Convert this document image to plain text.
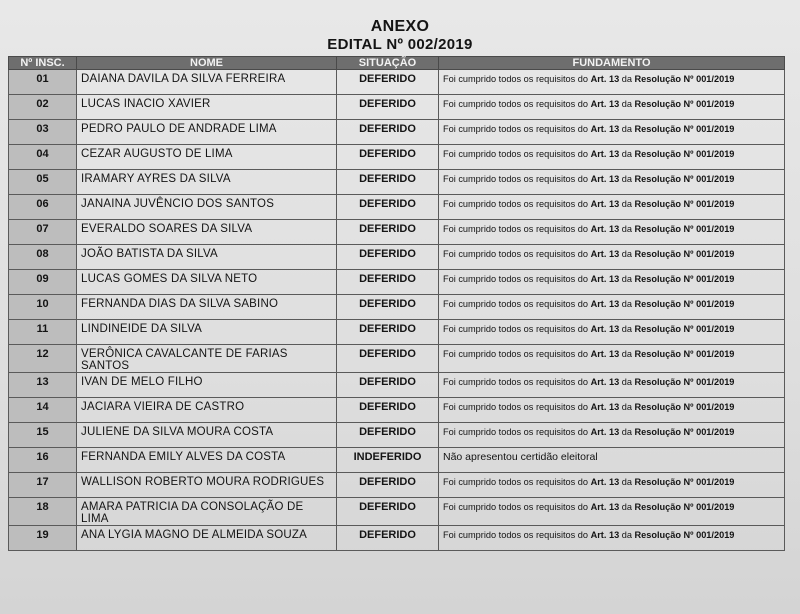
ANEXO
EDITAL Nº 002/2019
Nº INSC.	NOME	SITUAÇÃO	FUNDAMENTO
01	DAIANA DAVILA DA SILVA FERREIRA	DEFERIDO	Foi cumprido todos os requisitos do Art. 13 da Resolução Nº 001/2019
02	LUCAS INACIO XAVIER	DEFERIDO	Foi cumprido todos os requisitos do Art. 13 da Resolução Nº 001/2019
03	PEDRO PAULO DE ANDRADE LIMA	DEFERIDO	Foi cumprido todos os requisitos do Art. 13 da Resolução Nº 001/2019
04	CEZAR AUGUSTO DE LIMA	DEFERIDO	Foi cumprido todos os requisitos do Art. 13 da Resolução Nº 001/2019
05	IRAMARY AYRES DA SILVA	DEFERIDO	Foi cumprido todos os requisitos do Art. 13 da Resolução Nº 001/2019
06	JANAINA JUVÊNCIO DOS SANTOS	DEFERIDO	Foi cumprido todos os requisitos do Art. 13 da Resolução Nº 001/2019
07	EVERALDO SOARES DA SILVA	DEFERIDO	Foi cumprido todos os requisitos do Art. 13 da Resolução Nº 001/2019
08	JOÃO BATISTA DA SILVA	DEFERIDO	Foi cumprido todos os requisitos do Art. 13 da Resolução Nº 001/2019
09	LUCAS GOMES DA SILVA NETO	DEFERIDO	Foi cumprido todos os requisitos do Art. 13 da Resolução Nº 001/2019
10	FERNANDA DIAS DA SILVA SABINO	DEFERIDO	Foi cumprido todos os requisitos do Art. 13 da Resolução Nº 001/2019
11	LINDINEIDE DA SILVA	DEFERIDO	Foi cumprido todos os requisitos do Art. 13 da Resolução Nº 001/2019
12	VERÔNICA CAVALCANTE DE FARIAS SANTOS	DEFERIDO	Foi cumprido todos os requisitos do Art. 13 da Resolução Nº 001/2019
13	IVAN DE MELO FILHO	DEFERIDO	Foi cumprido todos os requisitos do Art. 13 da Resolução Nº 001/2019
14	JACIARA VIEIRA DE CASTRO	DEFERIDO	Foi cumprido todos os requisitos do Art. 13 da Resolução Nº 001/2019
15	JULIENE DA SILVA MOURA COSTA	DEFERIDO	Foi cumprido todos os requisitos do Art. 13 da Resolução Nº 001/2019
16	FERNANDA EMILY ALVES DA COSTA	INDEFERIDO	Não apresentou certidão eleitoral
17	WALLISON ROBERTO MOURA RODRIGUES	DEFERIDO	Foi cumprido todos os requisitos do Art. 13 da Resolução Nº 001/2019
18	AMARA PATRICIA DA CONSOLAÇÃO DE LIMA	DEFERIDO	Foi cumprido todos os requisitos do Art. 13 da Resolução Nº 001/2019
19	ANA LYGIA MAGNO DE ALMEIDA SOUZA	DEFERIDO	Foi cumprido todos os requisitos do Art. 13 da Resolução Nº 001/2019
